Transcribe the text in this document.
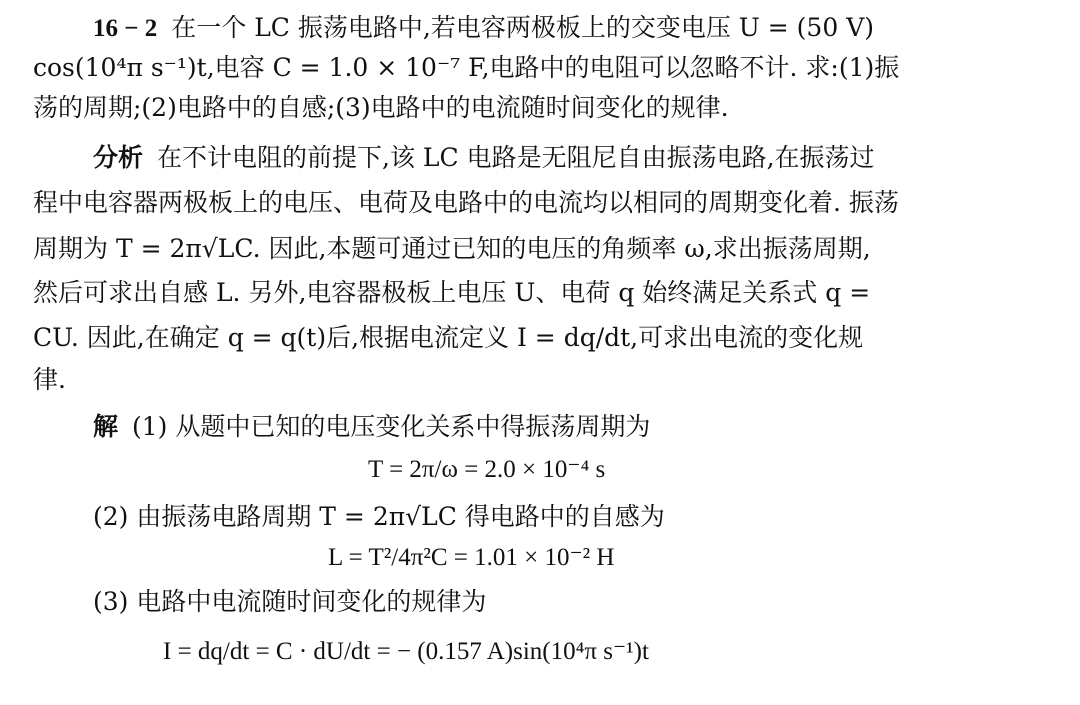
16 − 2 在一个 LC 振荡电路中,若电容两极板上的交变电压 U = (50 V)
cos(10⁴π s⁻¹)t,电容 C = 1.0 × 10⁻⁷ F,电路中的电阻可以忽略不计. 求:(1)振
荡的周期;(2)电路中的自感;(3)电路中的电流随时间变化的规律.
分析 在不计电阻的前提下,该 LC 电路是无阻尼自由振荡电路,在振荡过
程中电容器两极板上的电压、电荷及电路中的电流均以相同的周期变化着. 振荡
周期为 T = 2π√LC. 因此,本题可通过已知的电压的角频率 ω,求出振荡周期,
然后可求出自感 L. 另外,电容器极板上电压 U、电荷 q 始终满足关系式 q =
CU. 因此,在确定 q = q(t)后,根据电流定义 I = dq/dt,可求出电流的变化规
律.
解 (1) 从题中已知的电压变化关系中得振荡周期为
T = 2π/ω = 2.0 × 10⁻⁴ s
(2) 由振荡电路周期 T = 2π√LC 得电路中的自感为
L = T²/4π²C = 1.01 × 10⁻² H
(3) 电路中电流随时间变化的规律为
I = dq/dt = C · dU/dt = − (0.157 A)sin(10⁴π s⁻¹)t
